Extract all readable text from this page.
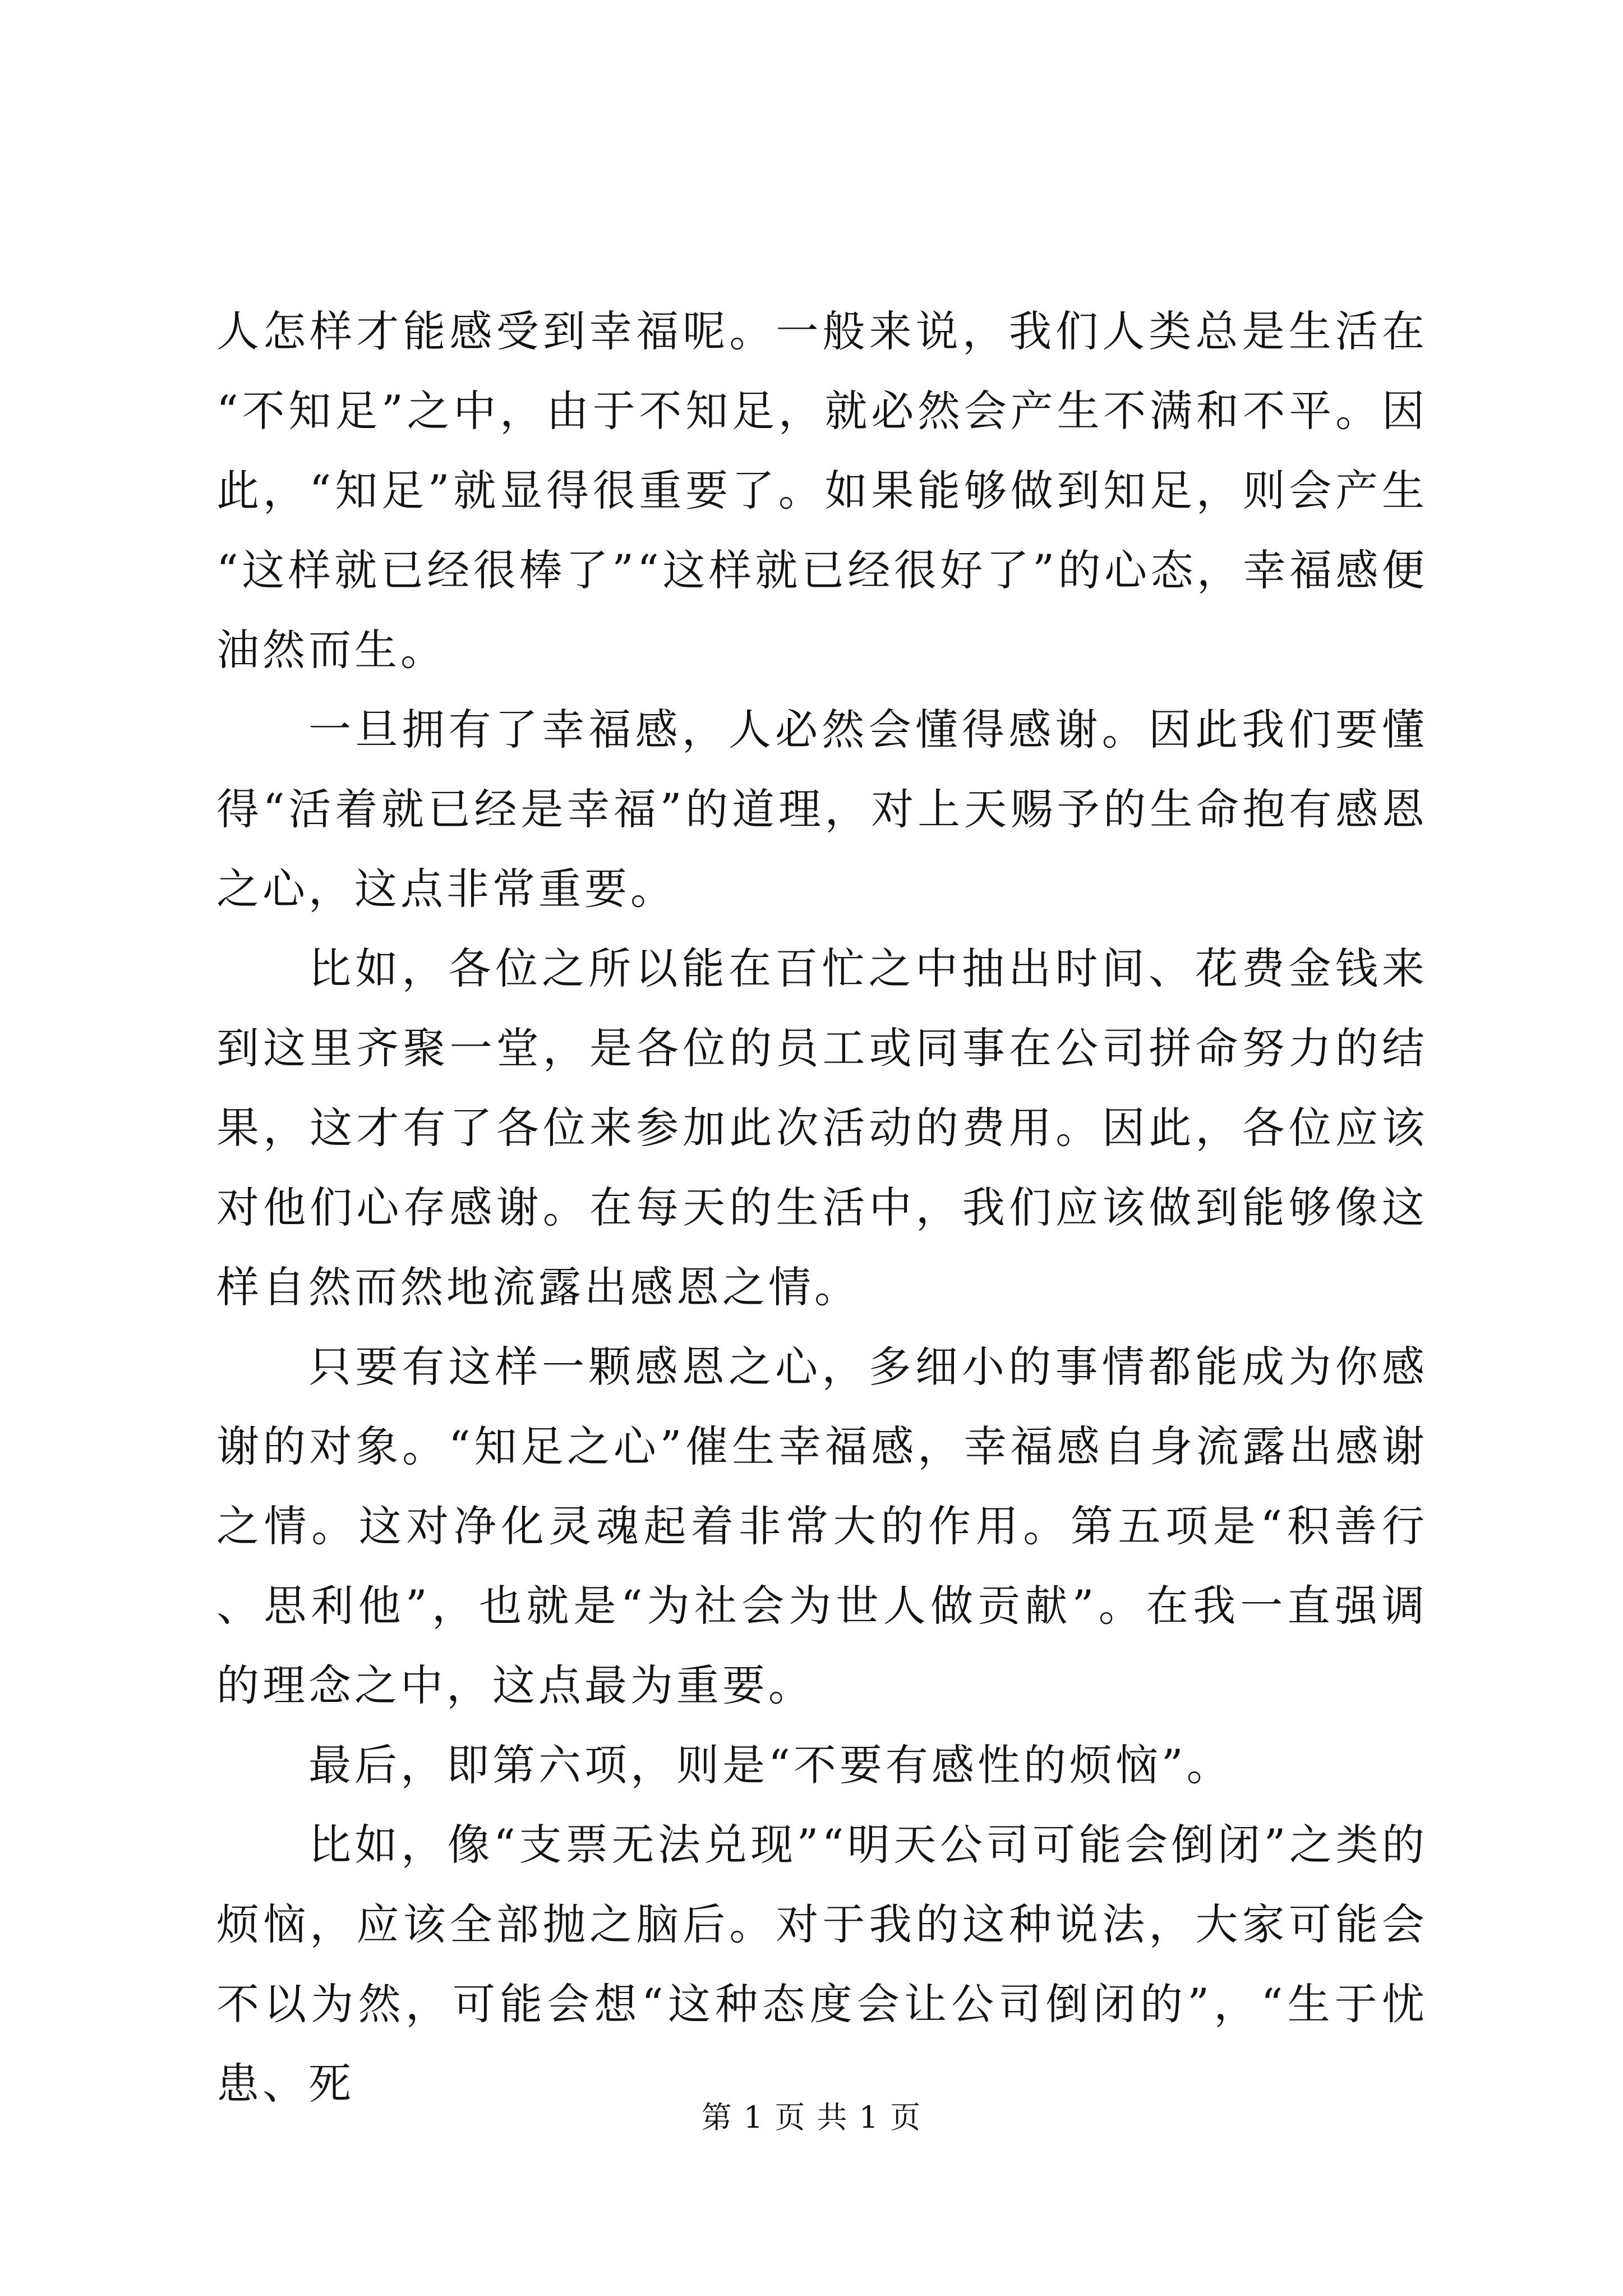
人怎样才能感受到幸福呢。一般来说，我们人类总是生活在“不知足”之中，由于不知足，就必然会产生不满和不平。因此，“知足”就显得很重要了。如果能够做到知足，则会产生“这样就已经很棒了”“这样就已经很好了”的心态，幸福感便油然而生。

一旦拥有了幸福感，人必然会懂得感谢。因此我们要懂得“活着就已经是幸福”的道理，对上天赐予的生命抱有感恩之心，这点非常重要。

比如，各位之所以能在百忙之中抽出时间、花费金钱来到这里齐聚一堂，是各位的员工或同事在公司拼命努力的结果，这才有了各位来参加此次活动的费用。因此，各位应该对他们心存感谢。在每天的生活中，我们应该做到能够像这样自然而然地流露出感恩之情。

只要有这样一颗感恩之心，多细小的事情都能成为你感谢的对象。“知足之心”催生幸福感，幸福感自身流露出感谢之情。这对净化灵魂起着非常大的作用。第五项是“积善行、思利他”，也就是“为社会为世人做贡献”。在我一直强调的理念之中，这点最为重要。

最后，即第六项，则是“不要有感性的烦恼”。

比如，像“支票无法兑现”“明天公司可能会倒闭”之类的烦恼，应该全部抛之脑后。对于我的这种说法，大家可能会不以为然，可能会想“这种态度会让公司倒闭的”，“生于忧患、死

第 1 页 共 1 页
